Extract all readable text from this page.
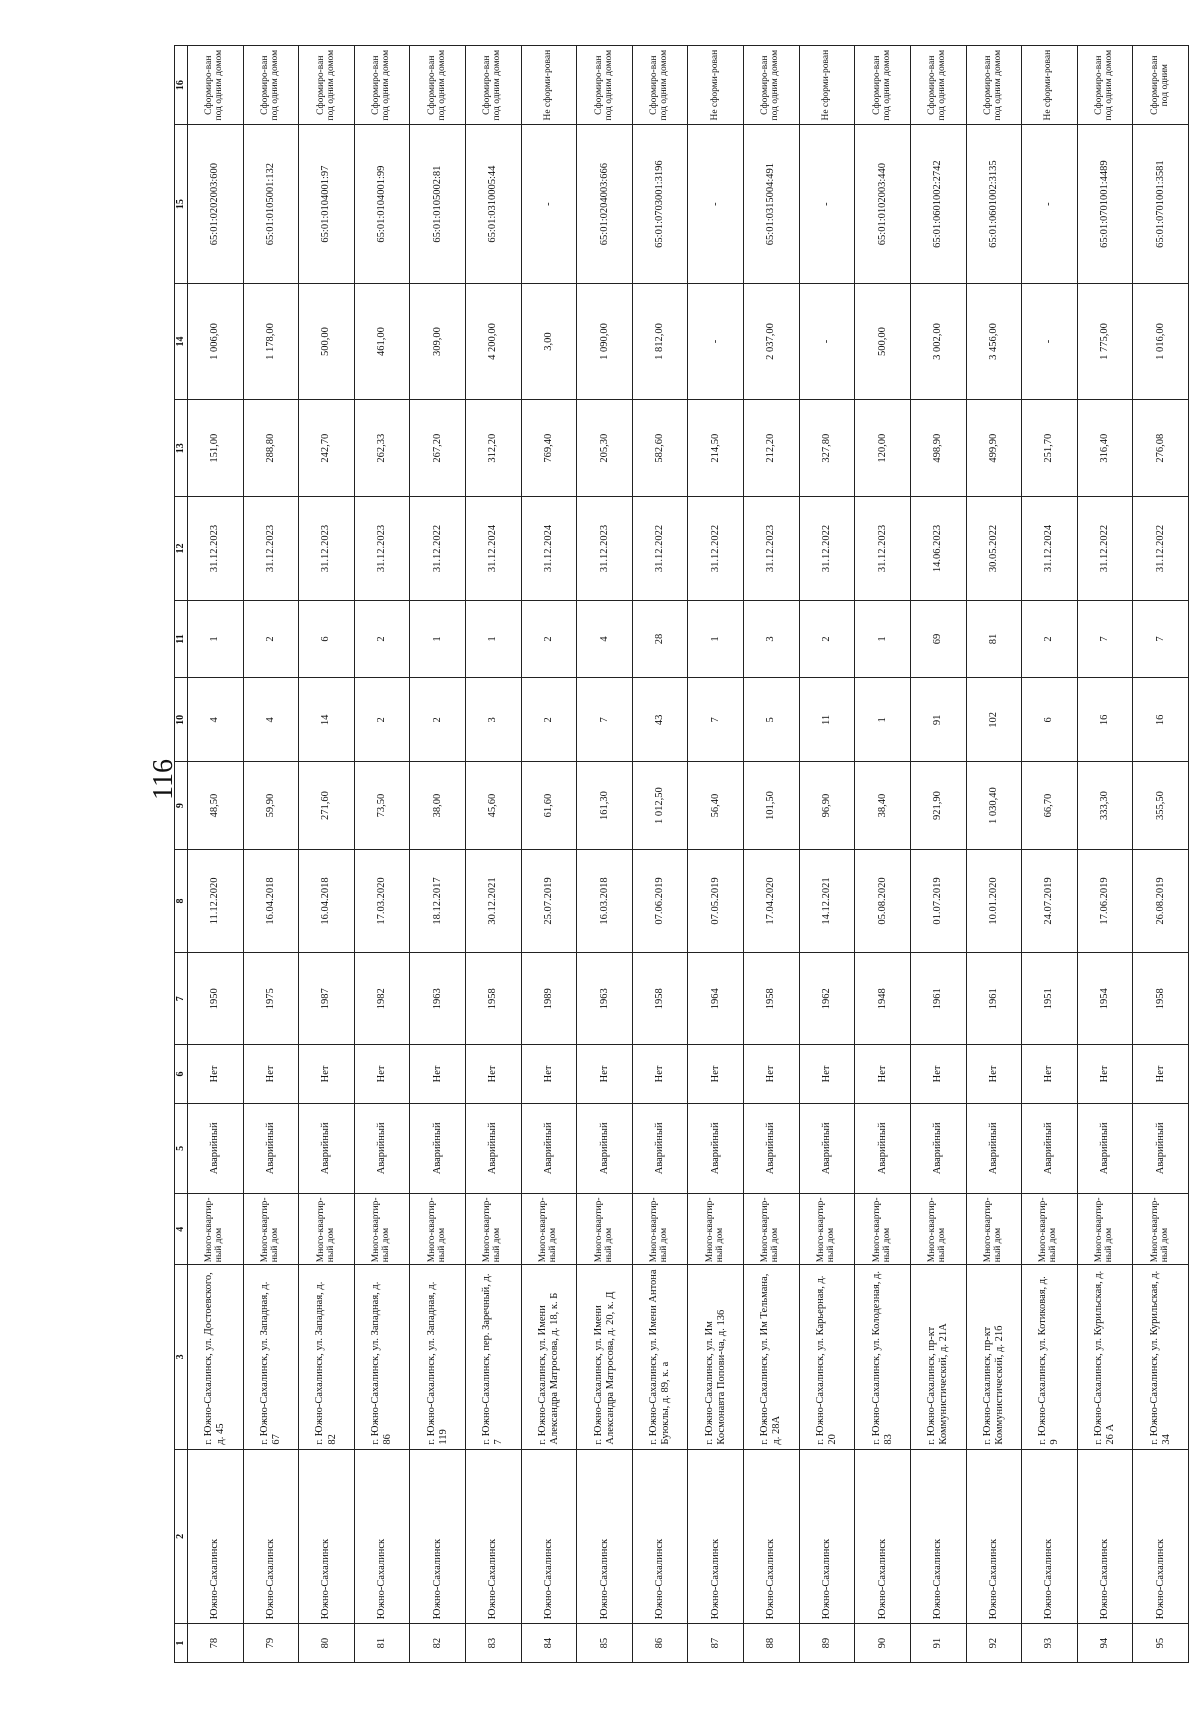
116
1	2	3	4	5	6	7	8	9	10	11	12	13	14	15	16
78	Южно-Сахалинск	г. Южно-Сахалинск, ул. Достоевского, д. 45	Много-квартир-ный дом	Аварийный	Нет	1950	11.12.2020	48,50	4	1	31.12.2023	151,00	1 006,00	65:01:0202003:600	Сформиро-ван под одним домом
79	Южно-Сахалинск	г. Южно-Сахалинск, ул. Западная, д. 67	Много-квартир-ный дом	Аварийный	Нет	1975	16.04.2018	59,90	4	2	31.12.2023	288,80	1 178,00	65:01:0105001:132	Сформиро-ван под одним домом
80	Южно-Сахалинск	г. Южно-Сахалинск, ул. Западная, д. 82	Много-квартир-ный дом	Аварийный	Нет	1987	16.04.2018	271,60	14	6	31.12.2023	242,70	500,00	65:01:0104001:97	Сформиро-ван под одним домом
81	Южно-Сахалинск	г. Южно-Сахалинск, ул. Западная, д. 86	Много-квартир-ный дом	Аварийный	Нет	1982	17.03.2020	73,50	2	2	31.12.2023	262,33	461,00	65:01:0104001:99	Сформиро-ван под одним домом
82	Южно-Сахалинск	г. Южно-Сахалинск, ул. Западная, д. 119	Много-квартир-ный дом	Аварийный	Нет	1963	18.12.2017	38,00	2	1	31.12.2022	267,20	309,00	65:01:0105002:81	Сформиро-ван под одним домом
83	Южно-Сахалинск	г. Южно-Сахалинск, пер. Заречный, д. 7	Много-квартир-ный дом	Аварийный	Нет	1958	30.12.2021	45,60	3	1	31.12.2024	312,20	4 200,00	65:01:0310005:44	Сформиро-ван под одним домом
84	Южно-Сахалинск	г. Южно-Сахалинск, ул. Имени Александра Матросова, д. 18, к. Б	Много-квартир-ный дом	Аварийный	Нет	1989	25.07.2019	61,60	2	2	31.12.2024	769,40	3,00	-	Не сформи-рован
85	Южно-Сахалинск	г. Южно-Сахалинск, ул. Имени Александра Матросова, д. 20, к. Д	Много-квартир-ный дом	Аварийный	Нет	1963	16.03.2018	161,30	7	4	31.12.2023	205,30	1 090,00	65:01:0204003:666	Сформиро-ван под одним домом
86	Южно-Сахалинск	г. Южно-Сахалинск, ул. Имени Антона Буюклы, д. 89, к. а	Много-квартир-ный дом	Аварийный	Нет	1958	07.06.2019	1 012,50	43	28	31.12.2022	582,60	1 812,00	65:01:0703001:3196	Сформиро-ван под одним домом
87	Южно-Сахалинск	г. Южно-Сахалинск, ул. Им Космонавта Попови-ча, д. 136	Много-квартир-ный дом	Аварийный	Нет	1964	07.05.2019	56,40	7	1	31.12.2022	214,50	-	-	Не сформи-рован
88	Южно-Сахалинск	г. Южно-Сахалинск, ул. Им Тельмана, д. 28А	Много-квартир-ный дом	Аварийный	Нет	1958	17.04.2020	101,50	5	3	31.12.2023	212,20	2 037,00	65:01:0315004:491	Сформиро-ван под одним домом
89	Южно-Сахалинск	г. Южно-Сахалинск, ул. Карьерная, д. 20	Много-квартир-ный дом	Аварийный	Нет	1962	14.12.2021	96,90	11	2	31.12.2022	327,80	-	-	Не сформи-рован
90	Южно-Сахалинск	г. Южно-Сахалинск, ул. Колодезная, д. 83	Много-квартир-ный дом	Аварийный	Нет	1948	05.08.2020	38,40	1	1	31.12.2023	120,00	500,00	65:01:0102003:440	Сформиро-ван под одним домом
91	Южно-Сахалинск	г. Южно-Сахалинск, пр-кт Коммунистический, д. 21А	Много-квартир-ный дом	Аварийный	Нет	1961	01.07.2019	921,90	91	69	14.06.2023	498,90	3 002,00	65:01:0601002:2742	Сформиро-ван под одним домом
92	Южно-Сахалинск	г. Южно-Сахалинск, пр-кт Коммунистический, д. 21б	Много-квартир-ный дом	Аварийный	Нет	1961	10.01.2020	1 030,40	102	81	30.05.2022	499,90	3 456,00	65:01:0601002:3135	Сформиро-ван под одним домом
93	Южно-Сахалинск	г. Южно-Сахалинск, ул. Котиковая, д. 9	Много-квартир-ный дом	Аварийный	Нет	1951	24.07.2019	66,70	6	2	31.12.2024	251,70	-	-	Не сформи-рован
94	Южно-Сахалинск	г. Южно-Сахалинск, ул. Курильская, д. 26 А	Много-квартир-ный дом	Аварийный	Нет	1954	17.06.2019	333,30	16	7	31.12.2022	316,40	1 775,00	65:01:0701001:4489	Сформиро-ван под одним домом
95	Южно-Сахалинск	г. Южно-Сахалинск, ул. Курильская, д. 34	Много-квартир-ный дом	Аварийный	Нет	1958	26.08.2019	355,50	16	7	31.12.2022	276,08	1 016,00	65:01:0701001:3581	Сформиро-ван под одним
